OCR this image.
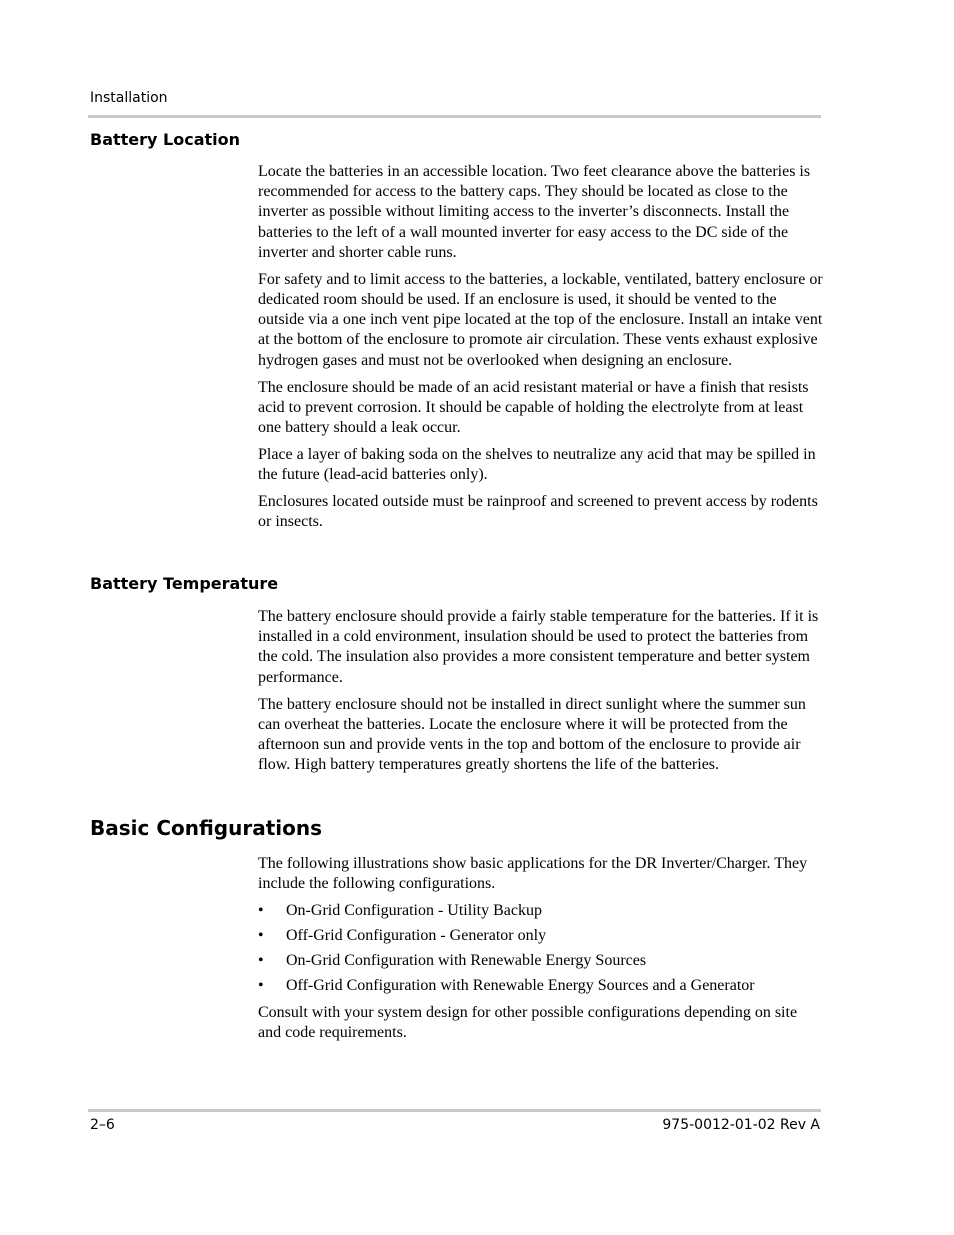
Installation
Battery Location

Locate the batteries in an accessible location. Two feet clearance above the batteries is recommended for access to the battery caps. They should be located as close to the inverter as possible without limiting access to the inverter’s disconnects. Install the batteries to the left of a wall mounted inverter for easy access to the DC side of the inverter and shorter cable runs.

For safety and to limit access to the batteries, a lockable, ventilated, battery enclosure or dedicated room should be used. If an enclosure is used, it should be vented to the outside via a one inch vent pipe located at the top of the enclosure. Install an intake vent at the bottom of the enclosure to promote air circulation. These vents exhaust explosive hydrogen gases and must not be overlooked when designing an enclosure.

The enclosure should be made of an acid resistant material or have a finish that resists acid to prevent corrosion. It should be capable of holding the electrolyte from at least one battery should a leak occur.

Place a layer of baking soda on the shelves to neutralize any acid that may be spilled in the future (lead-acid batteries only).

Enclosures located outside must be rainproof and screened to prevent access by rodents or insects.

Battery Temperature

The battery enclosure should provide a fairly stable temperature for the batteries. If it is installed in a cold environment, insulation should be used to protect the batteries from the cold. The insulation also provides a more consistent temperature and better system performance.

The battery enclosure should not be installed in direct sunlight where the summer sun can overheat the batteries. Locate the enclosure where it will be protected from the afternoon sun and provide vents in the top and bottom of the enclosure to provide air flow. High battery temperatures greatly shortens the life of the batteries.

Basic Configurations

The following illustrations show basic applications for the DR Inverter/Charger. They include the following configurations.

• On-Grid Configuration - Utility Backup
• Off-Grid Configuration - Generator only
• On-Grid Configuration with Renewable Energy Sources
• Off-Grid Configuration with Renewable Energy Sources and a Generator

Consult with your system design for other possible configurations depending on site and code requirements.

2–6	975-0012-01-02 Rev A
